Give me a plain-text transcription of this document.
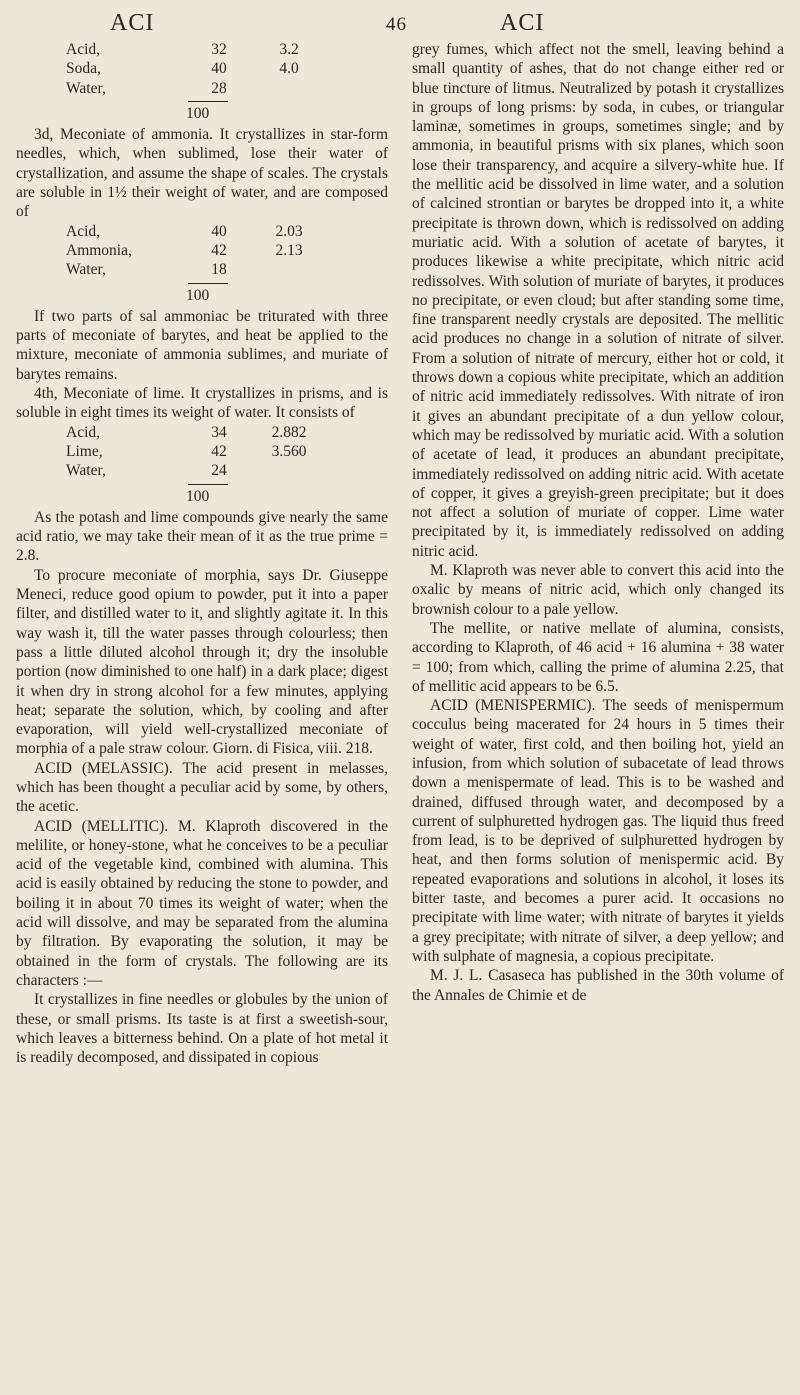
ACI	46	ACI
Acid,	32	3.2
Soda,	40	4.0
Water,	28
100

3d, Meconiate of ammonia. It crystallizes in star-form needles, which, when sublimed, lose their water of crystallization, and assume the shape of scales. The crystals are soluble in 1½ their weight of water, and are composed of

Acid,	40	2.03
Ammonia,	42	2.13
Water,	18
100

If two parts of sal ammoniac be triturated with three parts of meconiate of barytes, and heat be applied to the mixture, meconiate of ammonia sublimes, and muriate of barytes remains.

4th, Meconiate of lime. It crystallizes in prisms, and is soluble in eight times its weight of water. It consists of

Acid,	34	2.882
Lime,	42	3.560
Water,	24
100

As the potash and lime compounds give nearly the same acid ratio, we may take their mean of it as the true prime = 2.8.

To procure meconiate of morphia, says Dr. Giuseppe Meneci, reduce good opium to powder, put it into a paper filter, and distilled water to it, and slightly agitate it. In this way wash it, till the water passes through colourless; then pass a little diluted alcohol through it; dry the insoluble portion (now diminished to one half) in a dark place; digest it when dry in strong alcohol for a few minutes, applying heat; separate the solution, which, by cooling and after evaporation, will yield well-crystallized meconiate of morphia of a pale straw colour. Giorn. di Fisica, viii. 218.

ACID (MELASSIC). The acid present in melasses, which has been thought a peculiar acid by some, by others, the acetic.

ACID (MELLITIC). M. Klaproth discovered in the melilite, or honey-stone, what he conceives to be a peculiar acid of the vegetable kind, combined with alumina. This acid is easily obtained by reducing the stone to powder, and boiling it in about 70 times its weight of water; when the acid will dissolve, and may be separated from the alumina by filtration. By evaporating the solution, it may be obtained in the form of crystals. The following are its characters :—

It crystallizes in fine needles or globules by the union of these, or small prisms. Its taste is at first a sweetish-sour, which leaves a bitterness behind. On a plate of hot metal it is readily decomposed, and dissipated in copious

grey fumes, which affect not the smell, leaving behind a small quantity of ashes, that do not change either red or blue tincture of litmus. Neutralized by potash it crystallizes in groups of long prisms: by soda, in cubes, or triangular laminæ, sometimes in groups, sometimes single; and by ammonia, in beautiful prisms with six planes, which soon lose their transparency, and acquire a silvery-white hue. If the mellitic acid be dissolved in lime water, and a solution of calcined strontian or barytes be dropped into it, a white precipitate is thrown down, which is redissolved on adding muriatic acid. With a solution of acetate of barytes, it produces likewise a white precipitate, which nitric acid redissolves. With solution of muriate of barytes, it produces no precipitate, or even cloud; but after standing some time, fine transparent needly crystals are deposited. The mellitic acid produces no change in a solution of nitrate of silver. From a solution of nitrate of mercury, either hot or cold, it throws down a copious white precipitate, which an addition of nitric acid immediately redissolves. With nitrate of iron it gives an abundant precipitate of a dun yellow colour, which may be redissolved by muriatic acid. With a solution of acetate of lead, it produces an abundant precipitate, immediately redissolved on adding nitric acid. With acetate of copper, it gives a greyish-green precipitate; but it does not affect a solution of muriate of copper. Lime water precipitated by it, is immediately redissolved on adding nitric acid.

M. Klaproth was never able to convert this acid into the oxalic by means of nitric acid, which only changed its brownish colour to a pale yellow.

The mellite, or native mellate of alumina, consists, according to Klaproth, of 46 acid + 16 alumina + 38 water = 100; from which, calling the prime of alumina 2.25, that of mellitic acid appears to be 6.5.

ACID (MENISPERMIC). The seeds of menispermum cocculus being macerated for 24 hours in 5 times their weight of water, first cold, and then boiling hot, yield an infusion, from which solution of subacetate of lead throws down a menispermate of lead. This is to be washed and drained, diffused through water, and decomposed by a current of sulphuretted hydrogen gas. The liquid thus freed from lead, is to be deprived of sulphuretted hydrogen by heat, and then forms solution of menispermic acid. By repeated evaporations and solutions in alcohol, it loses its bitter taste, and becomes a purer acid. It occasions no precipitate with lime water; with nitrate of barytes it yields a grey precipitate; with nitrate of silver, a deep yellow; and with sulphate of magnesia, a copious precipitate.

M. J. L. Casaseca has published in the 30th volume of the Annales de Chimie et de
